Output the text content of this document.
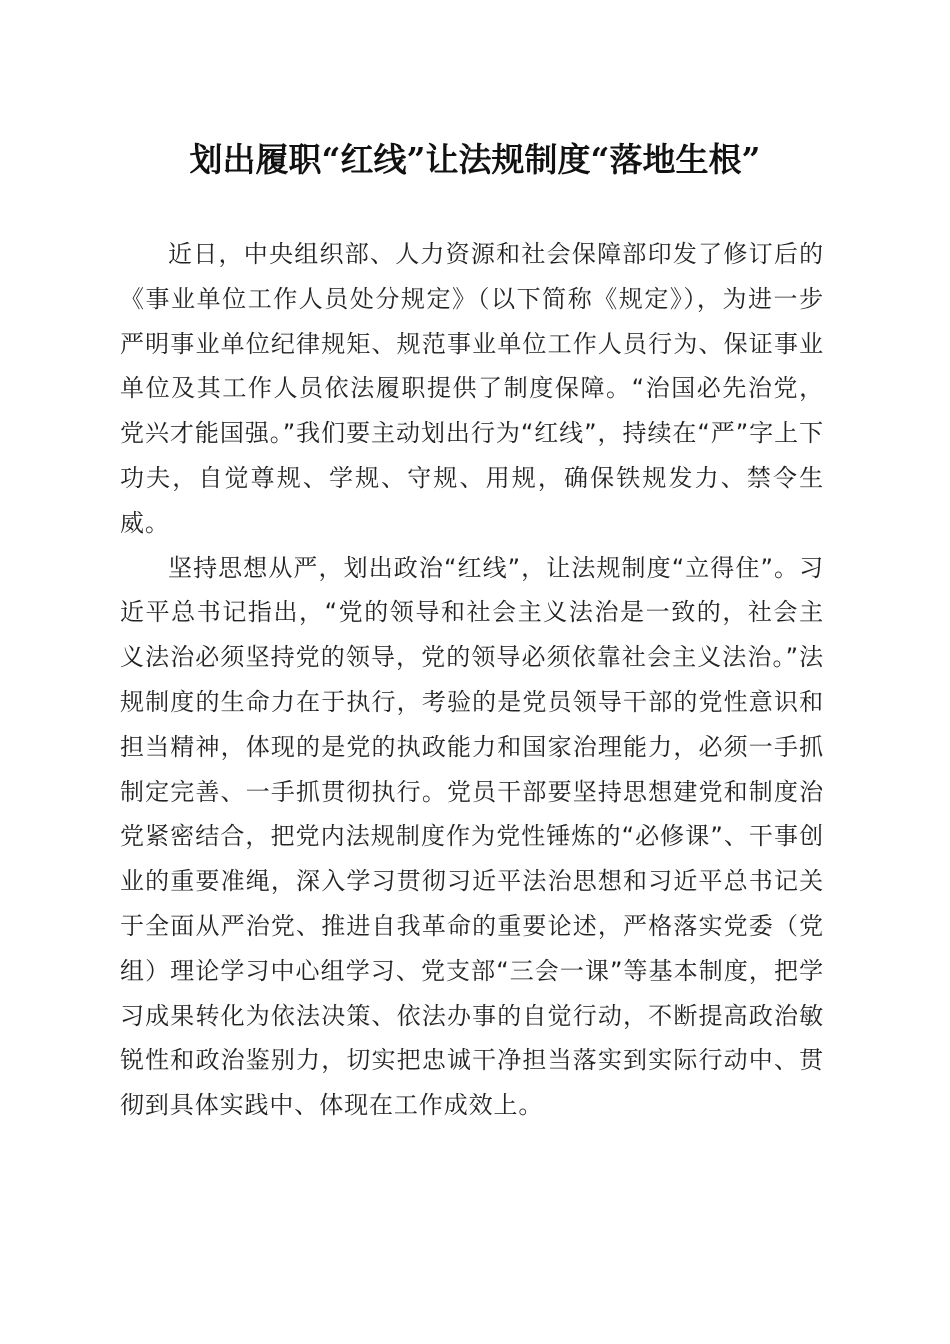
划出履职“红线”让法规制度“落地生根”

近日，中央组织部、人力资源和社会保障部印发了修订后的《事业单位工作人员处分规定》（以下简称《规定》），为进一步严明事业单位纪律规矩、规范事业单位工作人员行为、保证事业单位及其工作人员依法履职提供了制度保障。“治国必先治党，党兴才能国强。”我们要主动划出行为“红线”，持续在“严”字上下功夫，自觉尊规、学规、守规、用规，确保铁规发力、禁令生威。

坚持思想从严，划出政治“红线”，让法规制度“立得住”。习近平总书记指出，“党的领导和社会主义法治是一致的，社会主义法治必须坚持党的领导，党的领导必须依靠社会主义法治。”法规制度的生命力在于执行，考验的是党员领导干部的党性意识和担当精神，体现的是党的执政能力和国家治理能力，必须一手抓制定完善、一手抓贯彻执行。党员干部要坚持思想建党和制度治党紧密结合，把党内法规制度作为党性锤炼的“必修课”、干事创业的重要准绳，深入学习贯彻习近平法治思想和习近平总书记关于全面从严治党、推进自我革命的重要论述，严格落实党委（党组）理论学习中心组学习、党支部“三会一课”等基本制度，把学习成果转化为依法决策、依法办事的自觉行动，不断提高政治敏锐性和政治鉴别力，切实把忠诚干净担当落实到实际行动中、贯彻到具体实践中、体现在工作成效上。
